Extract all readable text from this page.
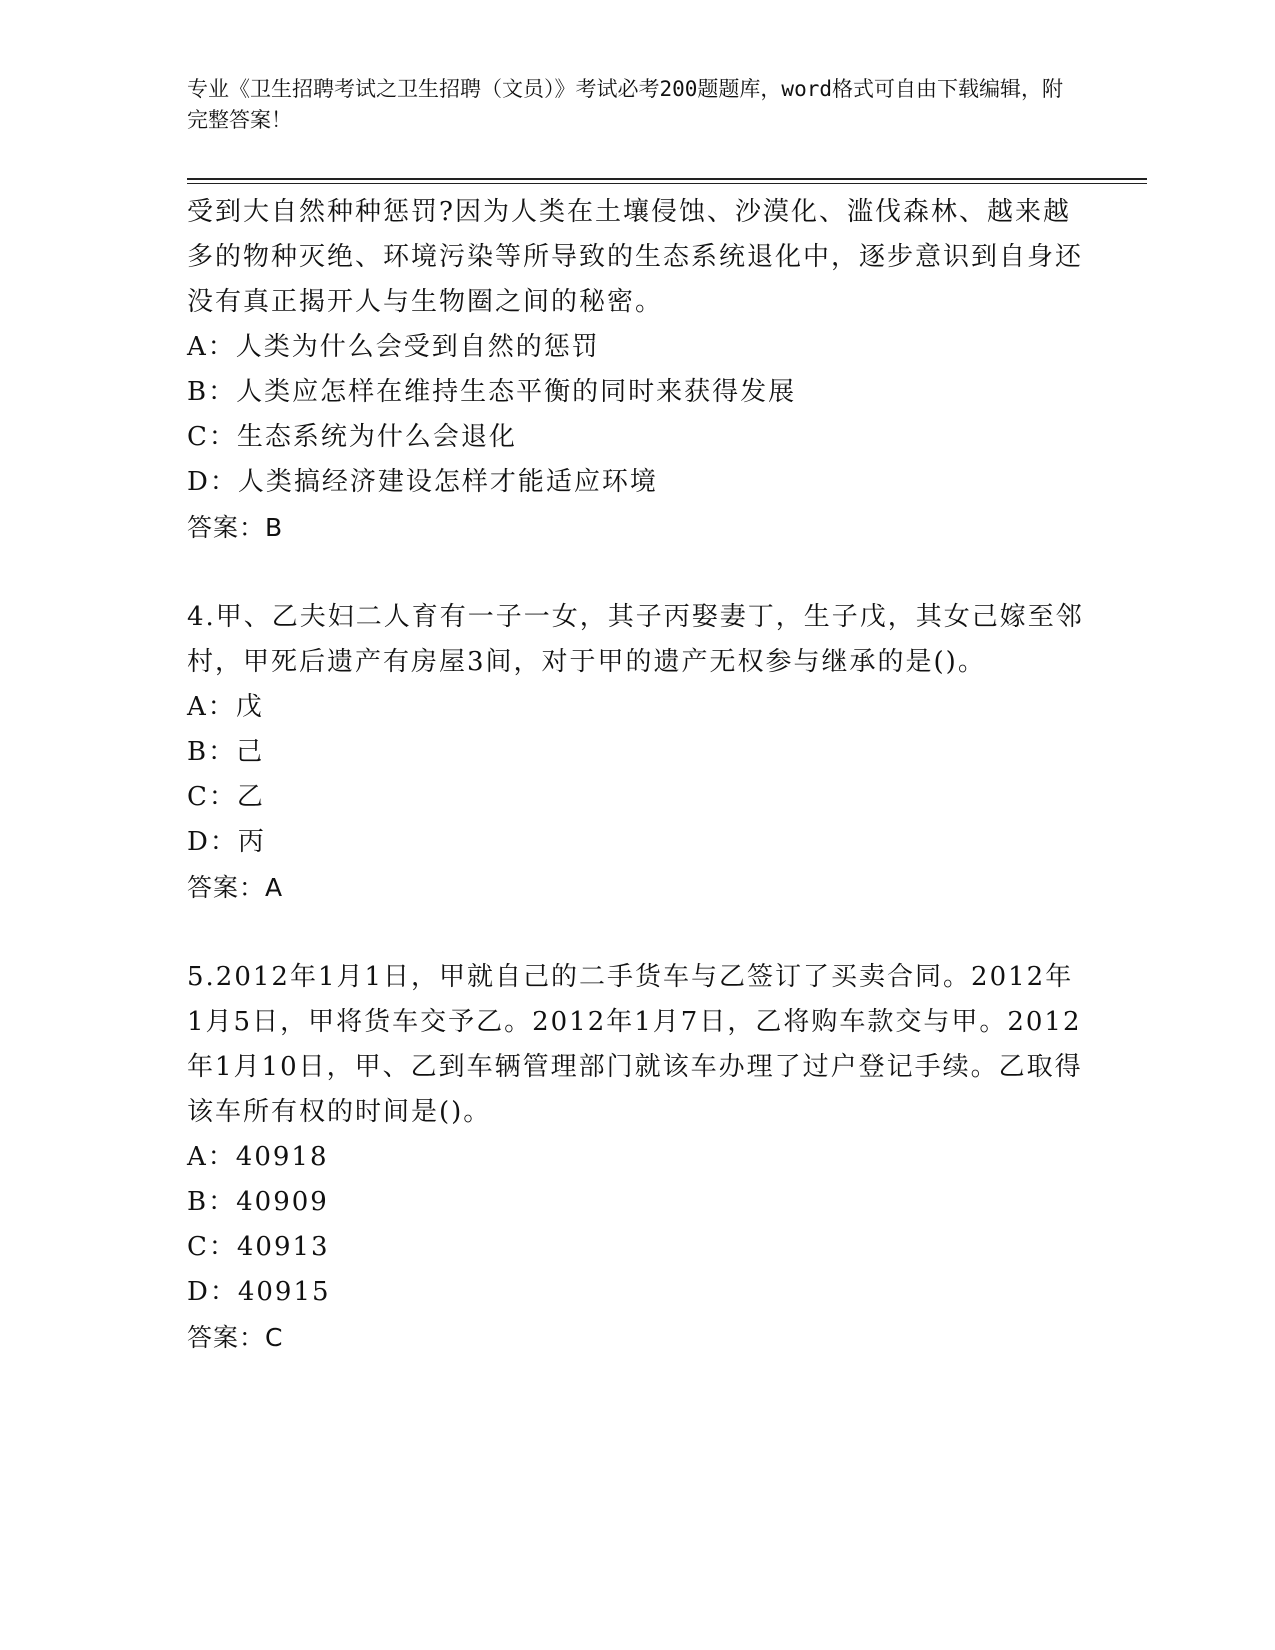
专业《卫生招聘考试之卫生招聘（文员）》考试必考200题题库，word格式可自由下载编辑，附完整答案！
受到大自然种种惩罚?因为人类在土壤侵蚀、沙漠化、滥伐森林、越来越多的物种灭绝、环境污染等所导致的生态系统退化中，逐步意识到自身还没有真正揭开人与生物圈之间的秘密。
A：人类为什么会受到自然的惩罚
B：人类应怎样在维持生态平衡的同时来获得发展
C：生态系统为什么会退化
D：人类搞经济建设怎样才能适应环境
答案：B
4.甲、乙夫妇二人育有一子一女，其子丙娶妻丁，生子戊，其女己嫁至邻村，甲死后遗产有房屋3间，对于甲的遗产无权参与继承的是()。
A：戊
B：己
C：乙
D：丙
答案：A
5.2012年1月1日，甲就自己的二手货车与乙签订了买卖合同。2012年1月5日，甲将货车交予乙。2012年1月7日，乙将购车款交与甲。2012年1月10日，甲、乙到车辆管理部门就该车办理了过户登记手续。乙取得该车所有权的时间是()。
A：40918
B：40909
C：40913
D：40915
答案：C
